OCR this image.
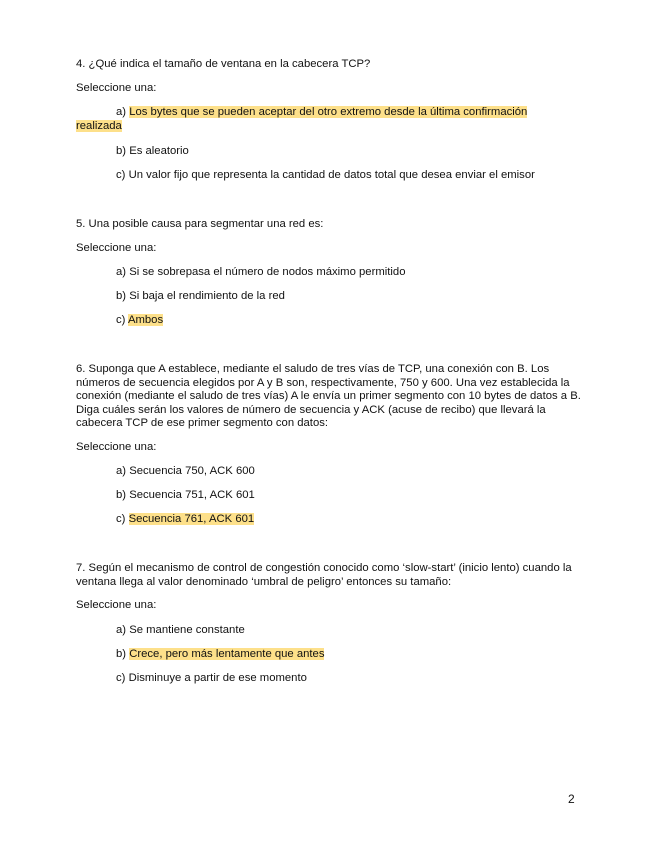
4. ¿Qué indica el tamaño de ventana en la cabecera TCP?

Seleccione una:

a) Los bytes que se pueden aceptar del otro extremo desde la última confirmación realizada
b) Es aleatorio
c) Un valor fijo que representa la cantidad de datos total que desea enviar el emisor

5. Una posible causa para segmentar una red es:

Seleccione una:

a) Si se sobrepasa el número de nodos máximo permitido
b) Si baja el rendimiento de la red
c) Ambos

6. Suponga que A establece, mediante el saludo de tres vías de TCP, una conexión con B. Los números de secuencia elegidos por A y B son, respectivamente, 750 y 600. Una vez establecida la conexión (mediante el saludo de tres vías) A le envía un primer segmento con 10 bytes de datos a B. Diga cuáles serán los valores de número de secuencia y ACK (acuse de recibo) que llevará la cabecera TCP de ese primer segmento con datos:

Seleccione una:

a) Secuencia 750, ACK 600
b) Secuencia 751, ACK 601
c) Secuencia 761, ACK 601

7. Según el mecanismo de control de congestión conocido como ‘slow-start’ (inicio lento) cuando la ventana llega al valor denominado ‘umbral de peligro’ entonces su tamaño:

Seleccione una:

a) Se mantiene constante
b) Crece, pero más lentamente que antes
c) Disminuye a partir de ese momento
2
